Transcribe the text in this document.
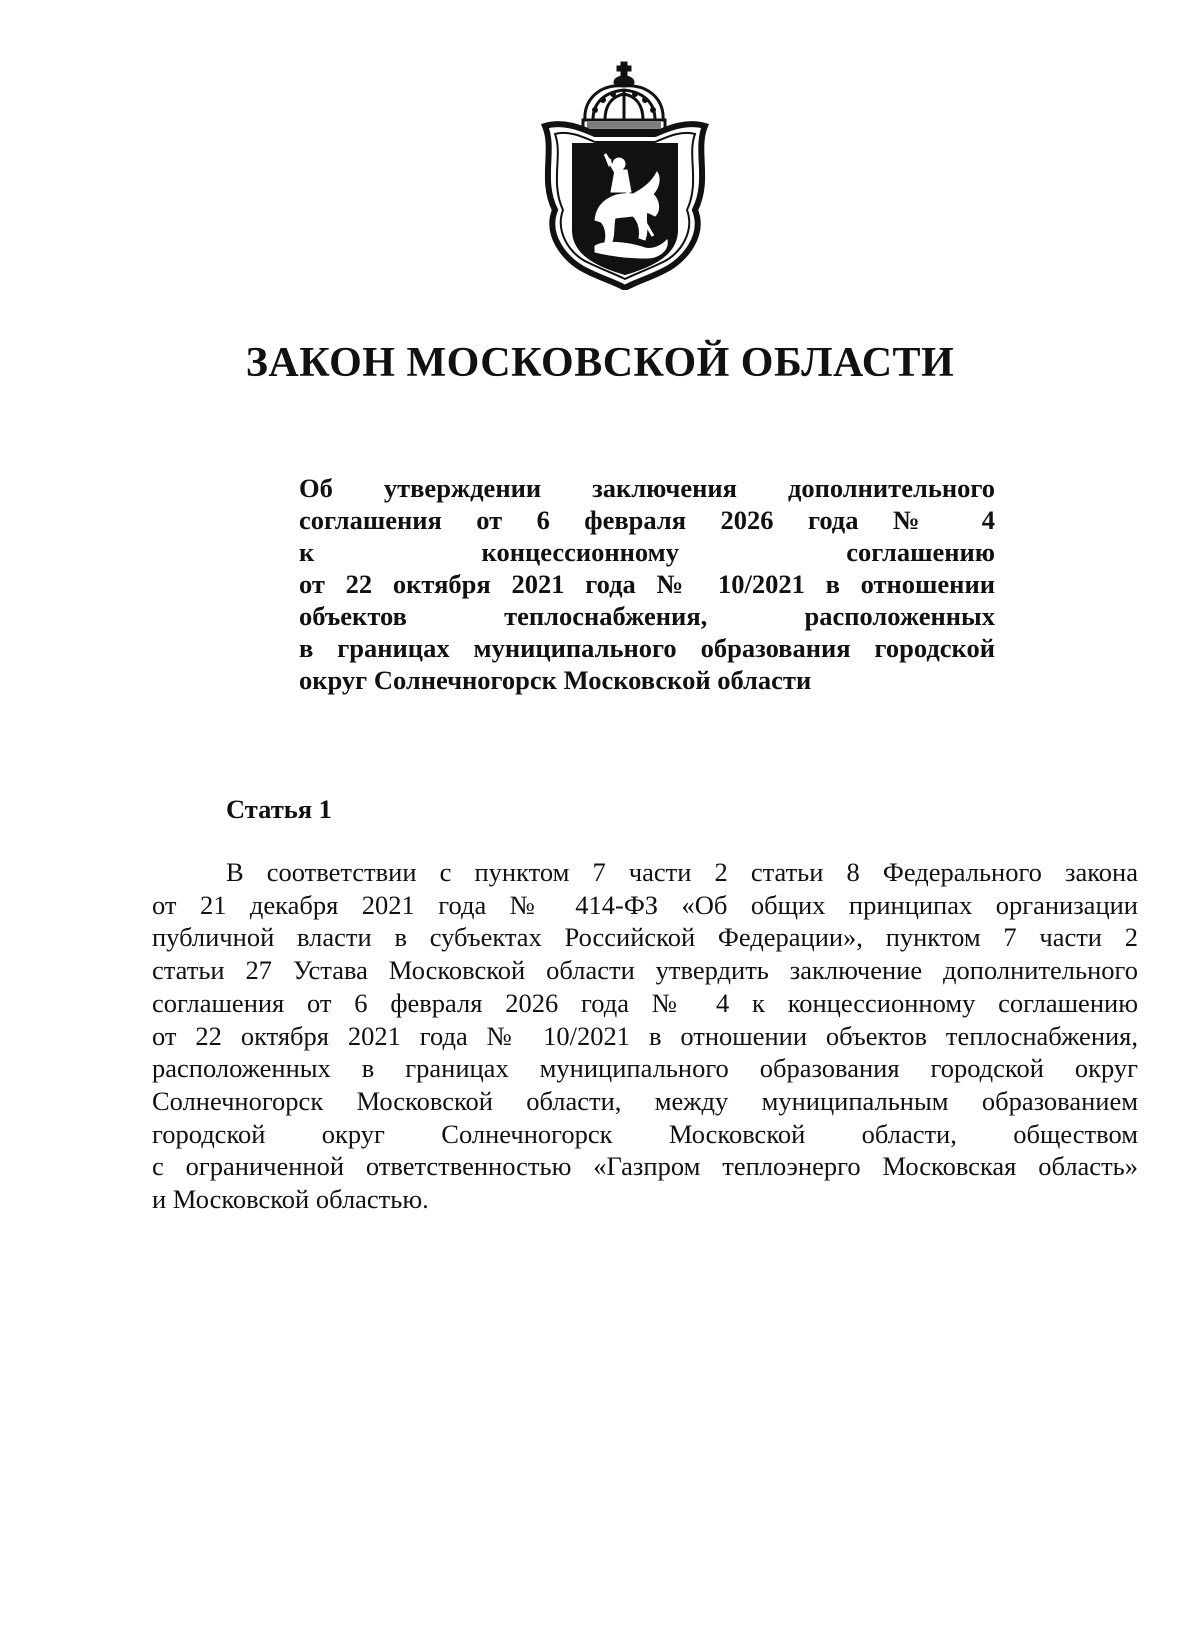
ЗАКОН МОСКОВСКОЙ ОБЛАСТИ
Об утверждении заключения дополнительного
соглашения от 6 февраля 2026 года № 4
к концессионному соглашению
от 22 октября 2021 года № 10/2021 в отношении
объектов теплоснабжения, расположенных
в границах муниципального образования городской
округ Солнечногорск Московской области
Статья 1
В соответствии с пунктом 7 части 2 статьи 8 Федерального закона
от 21 декабря 2021 года № 414-ФЗ «Об общих принципах организации
публичной власти в субъектах Российской Федерации», пунктом 7 части 2
статьи 27 Устава Московской области утвердить заключение дополнительного
соглашения от 6 февраля 2026 года № 4 к концессионному соглашению
от 22 октября 2021 года № 10/2021 в отношении объектов теплоснабжения,
расположенных в границах муниципального образования городской округ
Солнечногорск Московской области, между муниципальным образованием
городской округ Солнечногорск Московской области, обществом
с ограниченной ответственностью «Газпром теплоэнерго Московская область»
и Московской областью.
